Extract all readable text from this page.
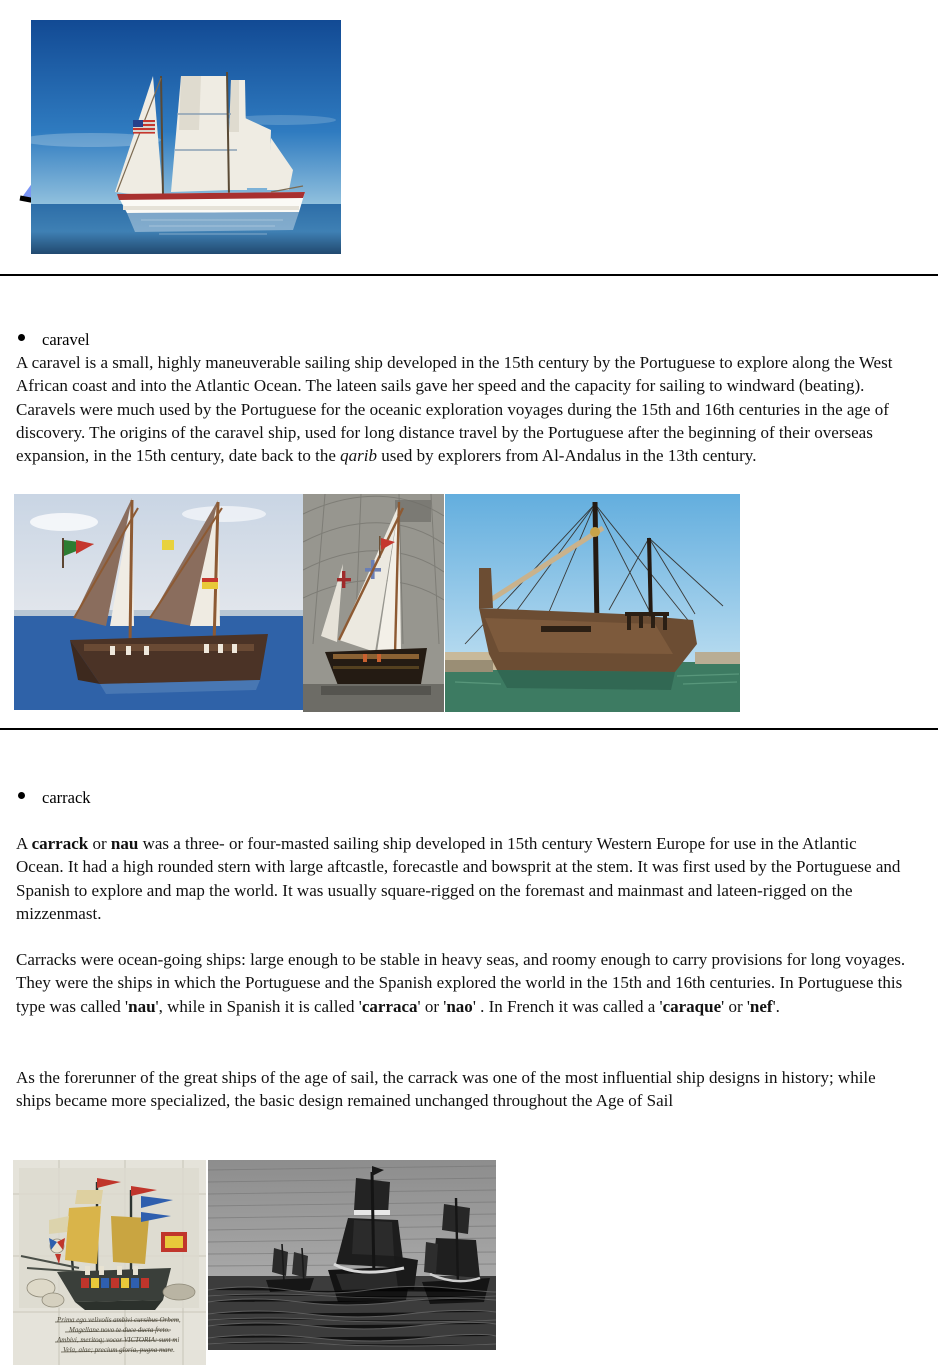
caravel
A caravel is a small, highly maneuverable sailing ship developed in the 15th century by the Portuguese to explore along the West African coast and into the Atlantic Ocean. The lateen sails gave her speed and the capacity for sailing to windward (beating). Caravels were much used by the Portuguese for the oceanic exploration voyages during the 15th and 16th centuries in the age of discovery. The origins of the caravel ship, used for long distance travel by the Portuguese after the beginning of their overseas expansion, in the 15th century, date back to the qarib used by explorers from Al-Andalus in the 13th century.
carrack
A carrack or nau was a three- or four-masted sailing ship developed in 15th century Western Europe for use in the Atlantic Ocean. It had a high rounded stern with large aftcastle, forecastle and bowsprit at the stem. It was first used by the Portuguese and Spanish to explore and map the world. It was usually square-rigged on the foremast and mainmast and lateen-rigged on the mizzenmast.
Carracks were ocean-going ships: large enough to be stable in heavy seas, and roomy enough to carry provisions for long voyages. They were the ships in which the Portuguese and the Spanish explored the world in the 15th and 16th centuries. In Portuguese this type was called 'nau', while in Spanish it is called 'carraca' or 'nao' . In French it was called a 'caraque' or 'nef'.
As the forerunner of the great ships of the age of sail, the carrack was one of the most influential ship designs in history; while ships became more specialized, the basic design remained unchanged throughout the Age of Sail
Prima ego velivolis ambivi cursibus Orbem,
Magellane novo te duce ducta freto.
Ambivi, meritoq; vocor VICTORIA: sunt mi
Vela, alae; precium gloria, pugna mare.
